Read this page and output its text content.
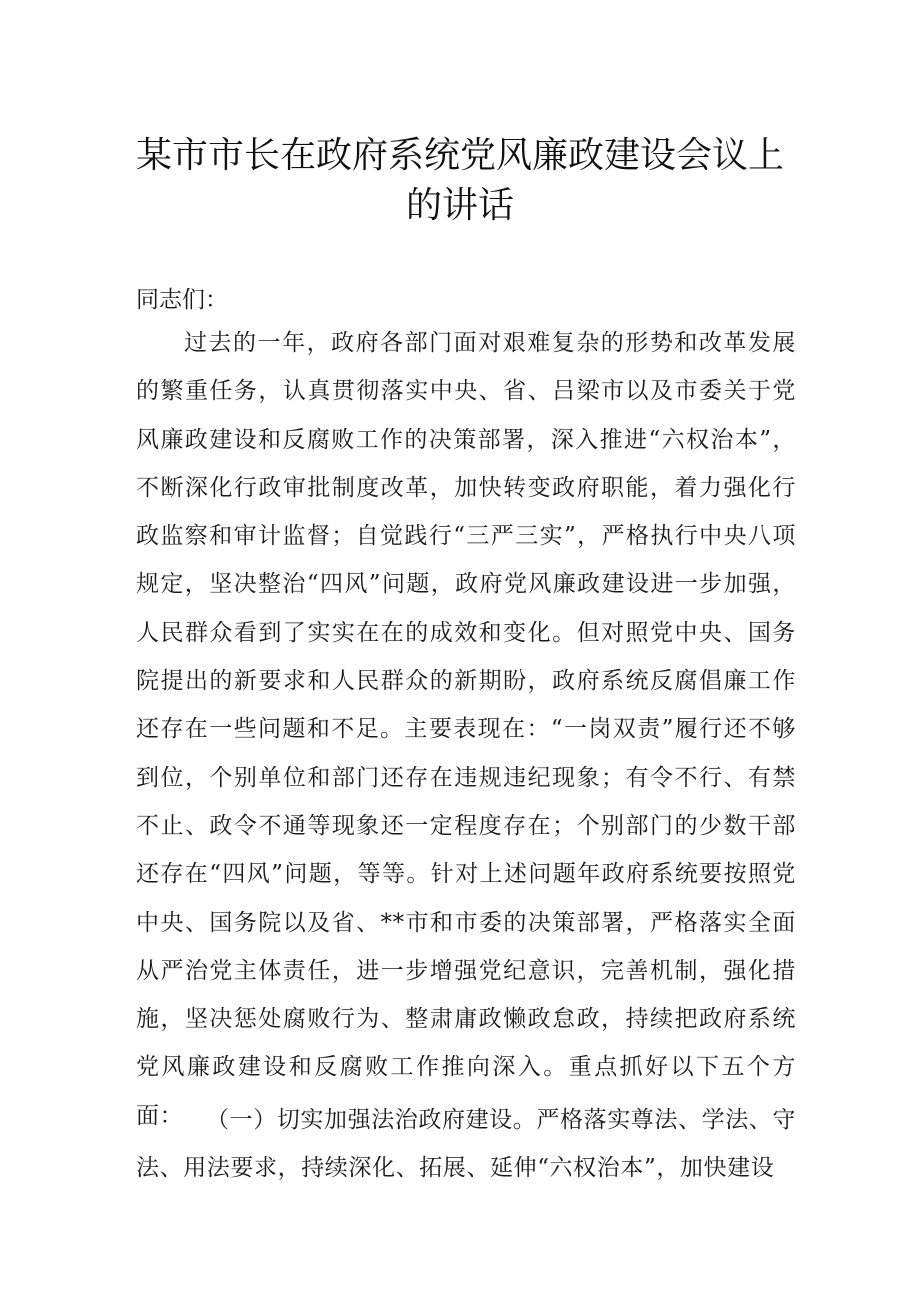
某市市长在政府系统党风廉政建设会议上
的讲话
同志们：

过去的一年，政府各部门面对艰难复杂的形势和改革发展的繁重任务，认真贯彻落实中央、省、吕梁市以及市委关于党风廉政建设和反腐败工作的决策部署，深入推进“六权治本”，不断深化行政审批制度改革，加快转变政府职能，着力强化行政监察和审计监督；自觉践行“三严三实”，严格执行中央八项规定，坚决整治“四风”问题，政府党风廉政建设进一步加强，人民群众看到了实实在在的成效和变化。但对照党中央、国务院提出的新要求和人民群众的新期盼，政府系统反腐倡廉工作还存在一些问题和不足。主要表现在：“一岗双责”履行还不够到位，个别单位和部门还存在违规违纪现象；有令不行、有禁不止、政令不通等现象还一定程度存在；个别部门的少数干部还存在“四风”问题，等等。针对上述问题年政府系统要按照党中央、国务院以及省、**市和市委的决策部署，严格落实全面从严治党主体责任，进一步增强党纪意识，完善机制，强化措施，坚决惩处腐败行为、整肃庸政懒政怠政，持续把政府系统党风廉政建设和反腐败工作推向深入。重点抓好以下五个方面： （一）切实加强法治政府建设。严格落实尊法、学法、守法、用法要求，持续深化、拓展、延伸“六权治本”，加快建设
